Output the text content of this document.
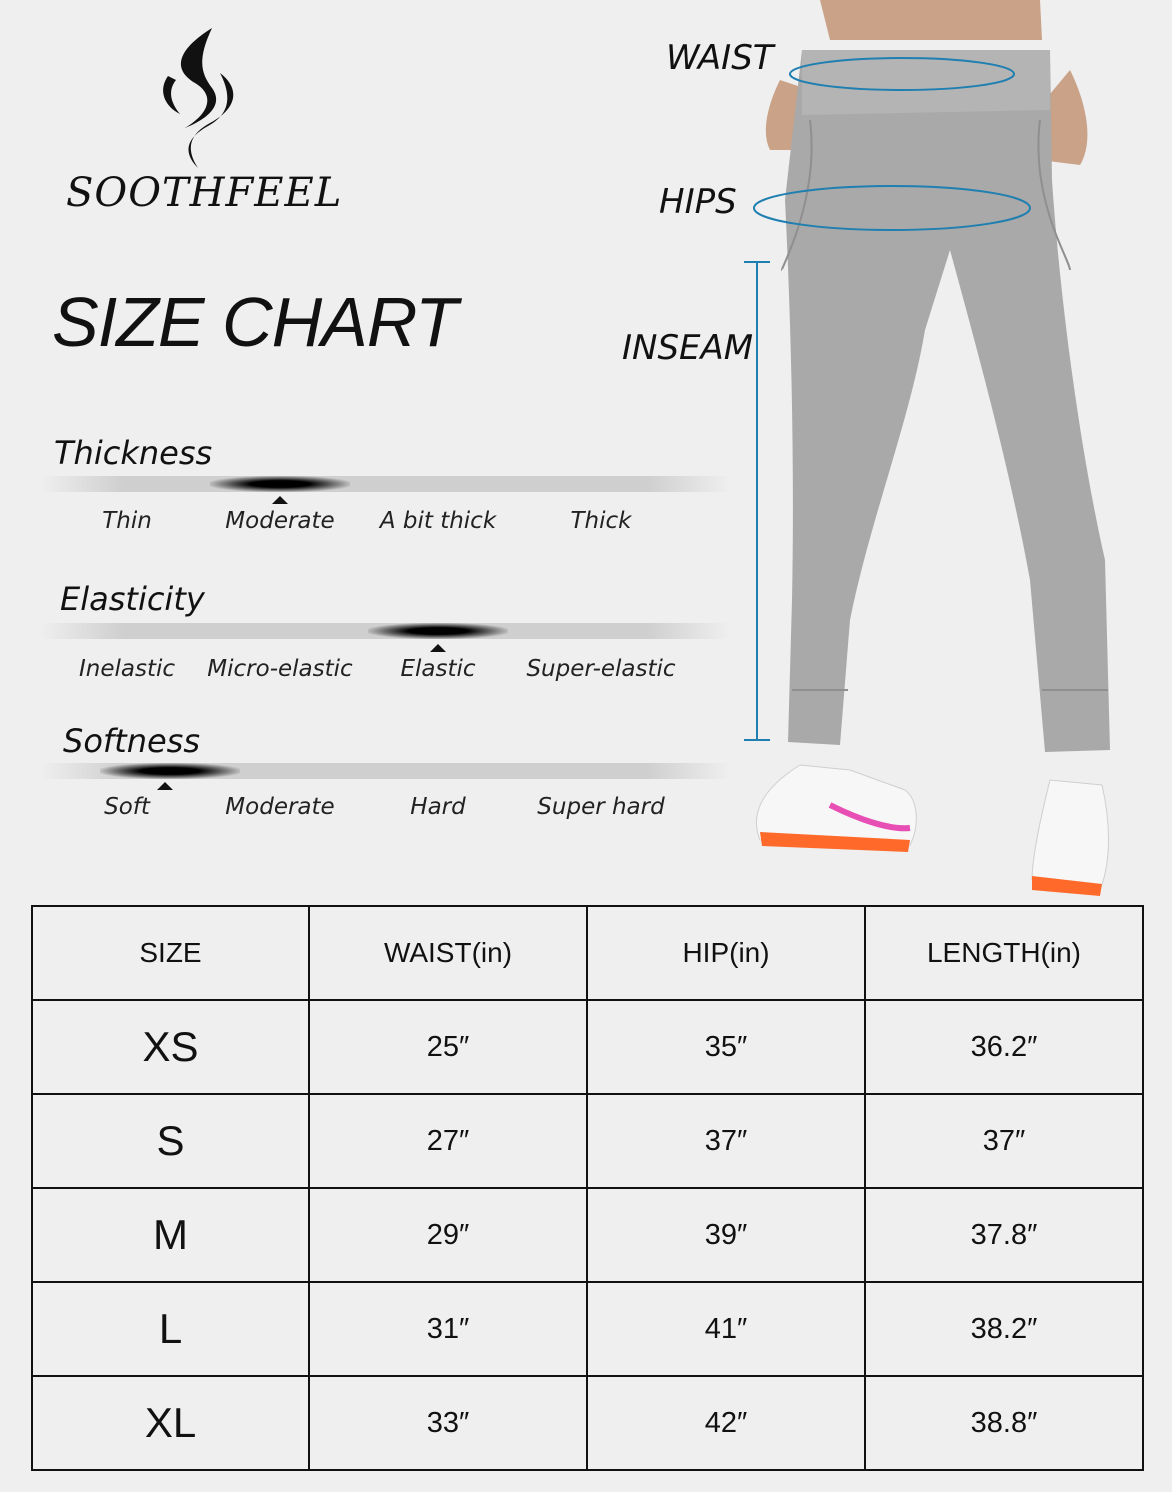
SOOTHFEEL
SIZE CHART
Thickness
Thin	Moderate A bit thick	Thick
Elasticity
Inelastic Micro-elastic Elastic Super-elastic
Softness
Soft	Moderate	Hard	Super hard
WAIST
HIPS
INSEAM
SIZE	WAIST(in)	HIP(in)	LENGTH(in)
XS	25″	35″	36.2″
S	27″	37″	37″
M	29″	39″	37.8″
L	31″	41″	38.2″
XL	33″	42″	38.8″
